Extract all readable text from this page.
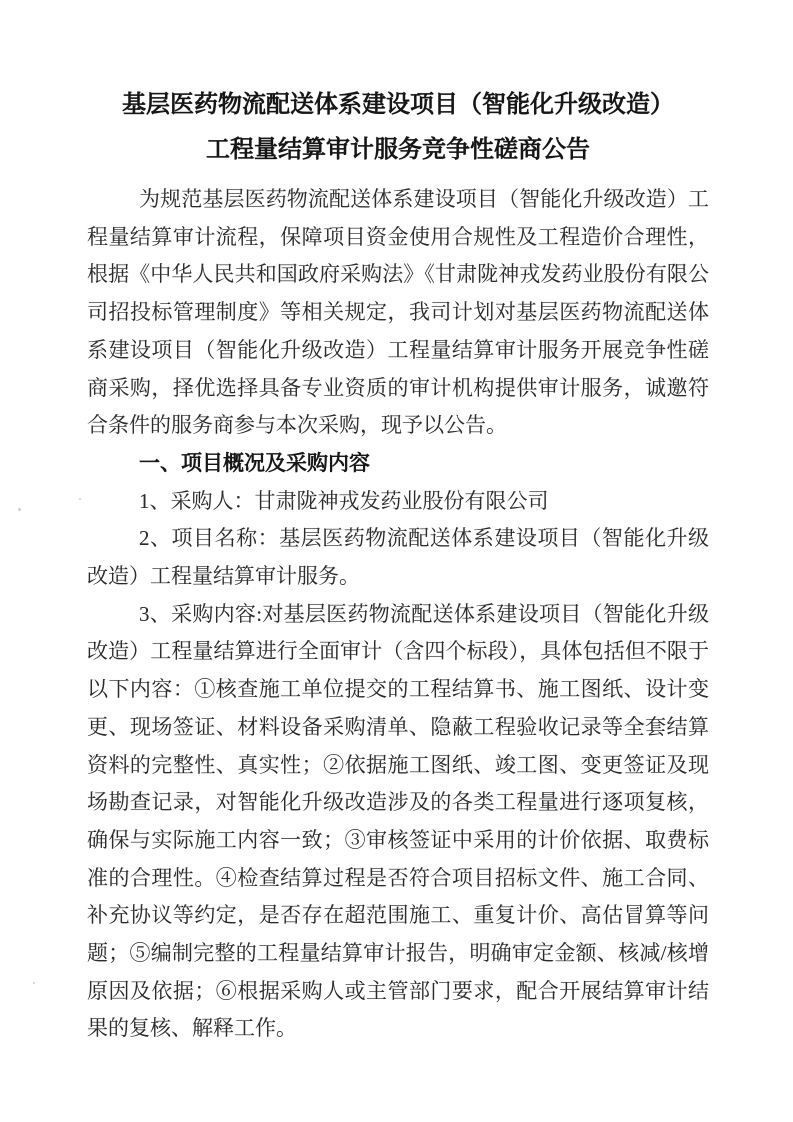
基层医药物流配送体系建设项目（智能化升级改造）
工程量结算审计服务竞争性磋商公告

为规范基层医药物流配送体系建设项目（智能化升级改造）工程量结算审计流程，保障项目资金使用合规性及工程造价合理性，根据《中华人民共和国政府采购法》《甘肃陇神戎发药业股份有限公司招投标管理制度》等相关规定，我司计划对基层医药物流配送体系建设项目（智能化升级改造）工程量结算审计服务开展竞争性磋商采购，择优选择具备专业资质的审计机构提供审计服务，诚邀符合条件的服务商参与本次采购，现予以公告。

一、项目概况及采购内容

1、采购人：甘肃陇神戎发药业股份有限公司

2、项目名称：基层医药物流配送体系建设项目（智能化升级改造）工程量结算审计服务。

3、采购内容:对基层医药物流配送体系建设项目（智能化升级改造）工程量结算进行全面审计（含四个标段），具体包括但不限于以下内容：①核查施工单位提交的工程结算书、施工图纸、设计变更、现场签证、材料设备采购清单、隐蔽工程验收记录等全套结算资料的完整性、真实性；②依据施工图纸、竣工图、变更签证及现场勘查记录，对智能化升级改造涉及的各类工程量进行逐项复核，确保与实际施工内容一致；③审核签证中采用的计价依据、取费标准的合理性。④检查结算过程是否符合项目招标文件、施工合同、补充协议等约定，是否存在超范围施工、重复计价、高估冒算等问题；⑤编制完整的工程量结算审计报告，明确审定金额、核减/核增原因及依据；⑥根据采购人或主管部门要求，配合开展结算审计结果的复核、解释工作。
